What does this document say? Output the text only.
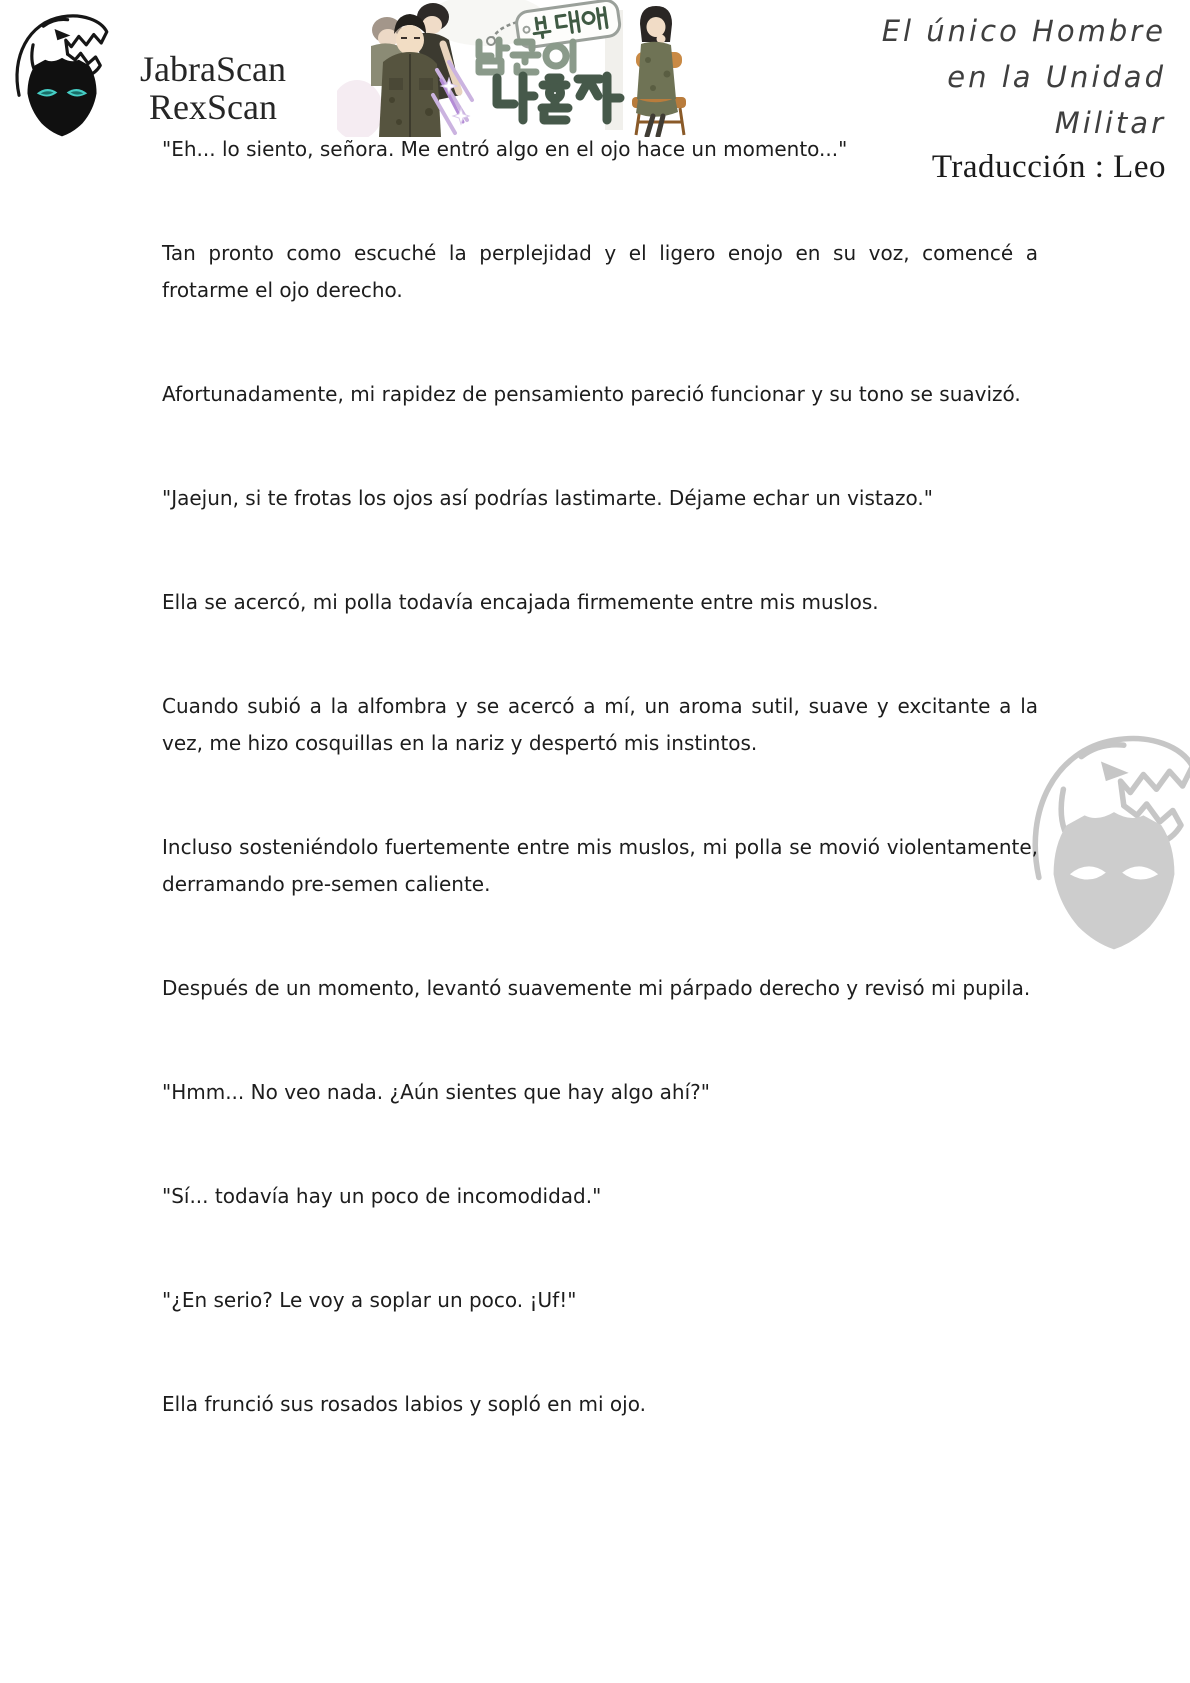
JabraScan
RexScan
El único Hombre
en la Unidad Militar
Traducción : Leo

"Eh... lo siento, señora. Me entró algo en el ojo hace un momento..."

Tan pronto como escuché la perplejidad y el ligero enojo en su voz, comencé a frotarme el ojo derecho.

Afortunadamente, mi rapidez de pensamiento pareció funcionar y su tono se suavizó.

"Jaejun, si te frotas los ojos así podrías lastimarte. Déjame echar un vistazo."

Ella se acercó, mi polla todavía encajada firmemente entre mis muslos.

Cuando subió a la alfombra y se acercó a mí, un aroma sutil, suave y excitante a la vez, me hizo cosquillas en la nariz y despertó mis instintos.

Incluso sosteniéndolo fuertemente entre mis muslos, mi polla se movió violentamente, derramando pre-semen caliente.

Después de un momento, levantó suavemente mi párpado derecho y revisó mi pupila.

"Hmm... No veo nada. ¿Aún sientes que hay algo ahí?"

"Sí... todavía hay un poco de incomodidad."

"¿En serio? Le voy a soplar un poco. ¡Uf!"

Ella frunció sus rosados labios y sopló en mi ojo.
